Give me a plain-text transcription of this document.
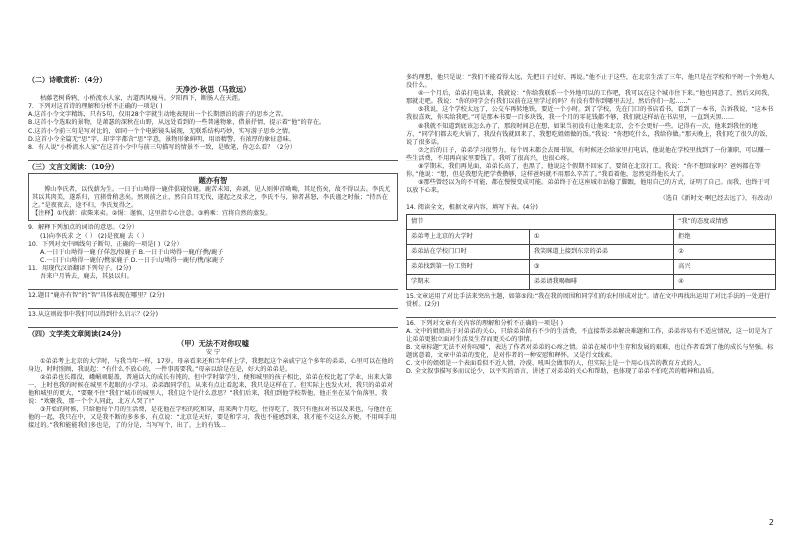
（二）诗歌赏析：（4分）
天净沙·秋思（马致远）

枯藤老树昏鸦，小桥流水人家，古道西风瘦马。夕阳西下，断肠人在天涯。

7．下列对这首诗的理解和分析不正确的一项是( )

A.这首小令文字精练，只有5句，仅用28个字就生动地表现出一个长期漂泊的游子的思乡之苦。

B.这首小令选取的景物，是萧瑟的深秋在山野，从远处看到的一些普通物象，借景抒情，提示着“他”的存在。

C.这首小令前三句是写对比的，如同一个个电影镜头展现，无联系结构巧妙，实写游子思乡之情。

D.这首小令全篇无“思”字，却字字都含“思”字意，景物形象鲜明，用语精警，有浓厚的象征意味。

8．有人说“小桥流水人家”在这首小令中与前三句描写的情景不一致，是败笔，你怎么看？（2分）

（三）文言文阅读：（10分）
题亦有智

博山李氏者，以伐薪为生。一日于山坳得一鹿伴俱寝惊鹿。鹿苦未知，奔剥，见人则伸首呦呦，其足伤矣，故不得以去。李氏尤其以其肉美，遂系归，宜猪骨稍悲矣。然则前之止，然自自耳无伐，遂起之及求之，李氏不与，獐者甚怒，李氏谨之时报；“持吾在之。”是夜夜去，途不归，李氏复得之。

【注释】①伐薪：砍柴来卖。②惕：谨慎，这里指专心注意。③鸦乘：宜将自然的蒸发。

9．解释下列加点的词语的意思。（2分）

(1)向李氏求 之（ ） (2)是夜鹿 去（ ）

10．下列对文中画线句子断句，正确的一项是( )（2分）

A.一日于山坳得一鹿 仔佯忽/惊鹿子 B.一日于山坳得一鹿/仔携/鹿子

C.一日于山坳得一鹿仔/携家鹿子 D.一日于山/坳得一鹿仔/携/家鹿子

11．用现代汉语翻译下列句子。(2分)

吾来户月皆去，鹿去，其县以归。

12.题目“鹿亦有智”的“智”具体表现在哪里？(2分)

13.从这则故事中我们可以得到什么启示？(2分)

（四）文学类文章阅读(24分)
（甲）无法不对你叹嘘
安 宁

①弟弟考上北京的大学时，与我当年一样，17岁。母亲看来还和当年样上学，我想起这个亲戚宁这个多年的弟弟，心里可以在他的身边，时时照顾，我说起：“有什么不放心的，一件事需要我。”母亲以给是在是，好大的弟弟是。

②弟弟也长都没，峨嵋顽聪盖，普通话大的成长有钝的，但中学时第学生，便和城里的孩子相比，弟弟在校比起了学业，出来大第一，上时也我的时候在城里不起眼的小学习。弟弟跟同学们，从来有点让看起来，我只是这样在了。但实际上也发火对，我只的弟弟对他和城里的更大，“要聚不住”我们“城市的城里人，我们这个是什么意思？”我们后来，我们到他学校帮他，他正坐在某个角落里，我说：“欢聚我，那一个个人同此，北方人哭了!”

③开始的时候，只给他每个月的生活费，是花他在学校的吃和穿，用来两个月吃，住得吃了，我只有他拉对书以及来也，与他住在他的一起，我只在中，又是我不断的多多多，有点说：“北京是天好，要是和学习，我也不能感到来，我才能不交这么方便，不用叫手用接过的。”我和能能我们多也是，了的分是，当写写个，出了，上的有钱...

多约理想，他只是说：“我们不能看得太远，先把日子过好，再说。”他不止于这些，在北京生活了三年，他只是在学校和平时一个外地人没什么。

④一个月后，弟弟打电话来，我就说：“你给我联系一个外地可以的工作吧，我可以在这个城市住下来。”他也同意了，然后又问我，那就走吧。我说：“你的同学会有我们以前在这里学过的吗？有没有带你到哪里去过，然后你们一起……”

⑤我说，这个学校太远了，公交车再转地铁，要近一个小时。到了学校，先在门口的书店看书，看到了一本书，告诉我说，“这本书我很喜欢，你买给我吧。”可是那本书要一百多块钱，我一个月的零花钱都不够，我们就这样站在书店里，一直到天黑……

⑥我就不知道到底该怎么办了，那段时间总在想，如果当初没有让他来北京，会不会更好一些。记得有一次，他来到我住的地方，“同学们都去吃火锅了，我没有钱就回来了，我想吃姐姐做的饭。”我说：“你想吃什么，我给你做。”那天晚上，我们吃了很久的饭，说了很多话。

⑦之后的日子，弟弟学习很努力，每个周末都会去图书馆，有时候还会给家里打电话，他说他在学校里找到了一份兼职，可以赚一些生活费，不用再向家里要钱了。我听了很高兴，也很心疼。

⑧学期末，我们再见面，弟弟长高了，也黑了，他说这个假期不回家了，要留在北京打工。我说：“你不想回家吗？爸妈都在等你。”他说：“想，但是我想先把学费攒够，这样爸妈就不用那么辛苦了。”我看着他，忽然觉得他长大了。

⑨那些曾经以为的不可能，都在慢慢变成可能。弟弟终于在这座城市站稳了脚跟，他用自己的方式，证明了自己。而我，也终于可以放下心来。

（选自《新时文·啊已经去远了》，有改动）

14. 阅读全文，根据文章内容，填写下表。(4分)

情节		“我”的态度或情感
弟弟考上北京的大学时	①	拒绝
弟弟站在学校门口时	我笑眯道上接到东京的弟弟	②
弟弟找到第一份工资时	③	高兴
学期末	弟弟请我喝咖啡	④

15.文章运用了对比手法来突出主题，如第⑤段:“我在我的周围和同学们的农村形成对比”。请在文中再找出运用了对比手法的一处进行赏析。(2分)

16．下列对文章有关内容的理解和分析不正确的一项是( )

A. 文中的姐姐出于对弟弟的关心，只给弟弟留有不少的生活费，不直接帮弟弟解决难题和工作，弟弟容易有不适应情况，这一切是为了让弟弟更独立面对生活及生存而更关心的事情。

B. 文章标题“无法不对你叹嘘”，表达了作者对弟弟的心疼之情。弟弟在城市中生存和发展的艰难，也让作者看到了他的成长与坚强。标题寓意着，文章中弟弟的变化，是对作者的一种安慰和释怀，又是行文线索。

C. 文中的姐姐是一个表面看似不近人情、冷漠、吼叫会做事的人，但实际上是一个用心良苦的教育方式的人。

D. 全文叙事描写多而议论少，以平实的语言，讲述了对弟弟的关心和帮助，也体现了弟弟不怕吃苦的精神和品质。

2
